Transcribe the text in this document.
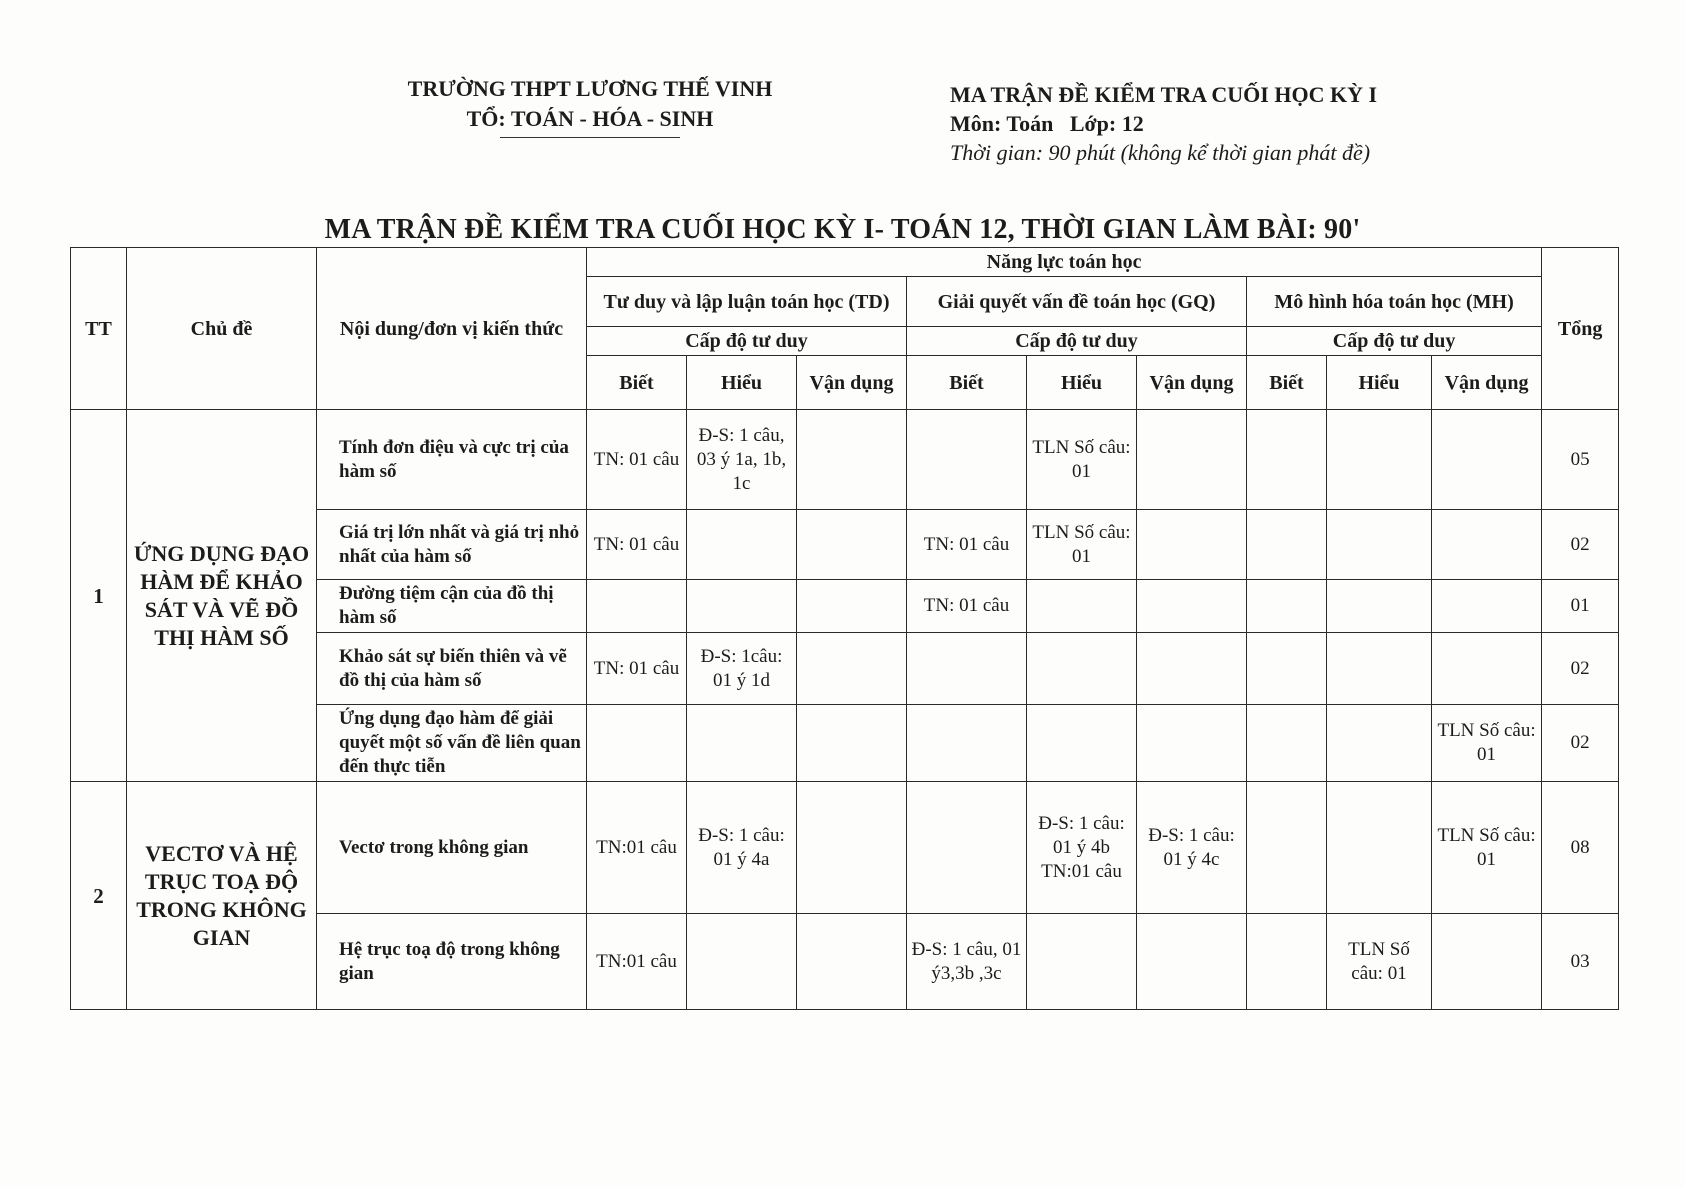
TRƯỜNG THPT LƯƠNG THẾ VINH
TỔ: TOÁN - HÓA - SINH
MA TRẬN ĐỀ KIỂM TRA CUỐI HỌC KỲ I
Môn: Toán Lớp: 12
Thời gian: 90 phút (không kể thời gian phát đề)
MA TRẬN ĐỀ KIỂM TRA CUỐI HỌC KỲ I- TOÁN 12, THỜI GIAN LÀM BÀI: 90'
TT	Chủ đề	Nội dung/đơn vị kiến thức	Năng lực toán học									Tổng
			Tư duy và lập luận toán học (TD)			Giải quyết vấn đề toán học (GQ)			Mô hình hóa toán học (MH)			
			Cấp độ tư duy			Cấp độ tư duy			Cấp độ tư duy			
			Biết	Hiểu	Vận dụng	Biết	Hiểu	Vận dụng	Biết	Hiểu	Vận dụng	
1	ỨNG DỤNG ĐẠO HÀM ĐỂ KHẢO SÁT VÀ VẼ ĐỒ THỊ HÀM SỐ	Tính đơn điệu và cực trị của hàm số	TN: 01 câu	Đ-S: 1 câu, 03 ý 1a, 1b, 1c			TLN Số câu: 01					05
		Giá trị lớn nhất và giá trị nhỏ nhất của hàm số	TN: 01 câu			TN: 01 câu	TLN Số câu: 01					02
		Đường tiệm cận của đồ thị hàm số				TN: 01 câu						01
		Khảo sát sự biến thiên và vẽ đồ thị của hàm số	TN: 01 câu	Đ-S: 1câu: 01 ý 1d								02
		Ứng dụng đạo hàm để giải quyết một số vấn đề liên quan đến thực tiễn									TLN Số câu: 01	02
2	VECTƠ VÀ HỆ TRỤC TOẠ ĐỘ TRONG KHÔNG GIAN	Vectơ trong không gian	TN:01 câu	Đ-S: 1 câu: 01 ý 4a			Đ-S: 1 câu: 01 ý 4b TN:01 câu	Đ-S: 1 câu: 01 ý 4c			TLN Số câu: 01	08
		Hệ trục toạ độ trong không gian	TN:01 câu			Đ-S: 1 câu, 01 ý3,3b ,3c				TLN Số câu: 01		03
